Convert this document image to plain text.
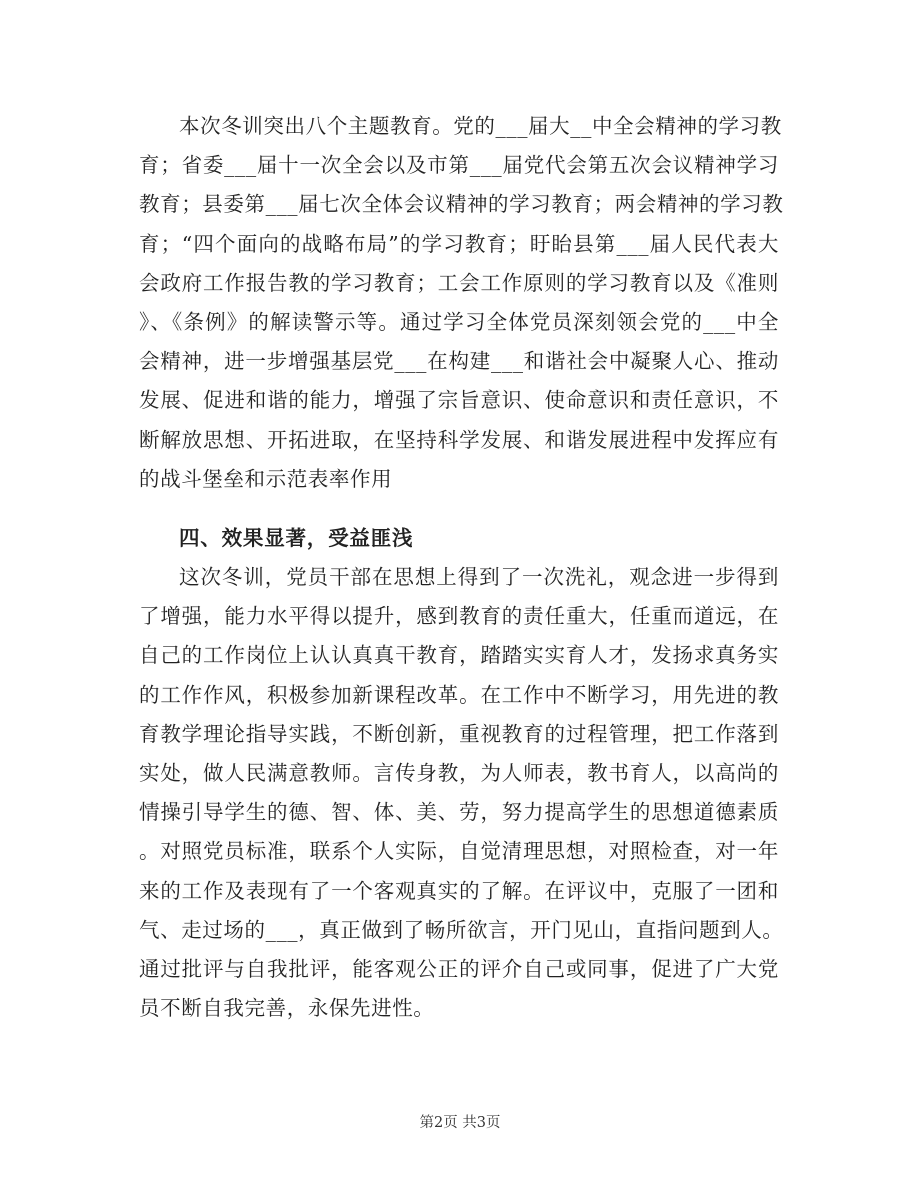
本次冬训突出八个主题教育。党的___届大__中全会精神的学习教
育；省委___届十一次全会以及市第___届党代会第五次会议精神学习
教育；县委第___届七次全体会议精神的学习教育；两会精神的学习教
育；“四个面向的战略布局”的学习教育；盱眙县第___届人民代表大
会政府工作报告教的学习教育；工会工作原则的学习教育以及《准则
》、《条例》的解读警示等。通过学习全体党员深刻领会党的___中全
会精神，进一步增强基层党___在构建___和谐社会中凝聚人心、推动
发展、促进和谐的能力，增强了宗旨意识、使命意识和责任意识，不
断解放思想、开拓进取，在坚持科学发展、和谐发展进程中发挥应有
的战斗堡垒和示范表率作用
四、效果显著，受益匪浅
这次冬训，党员干部在思想上得到了一次洗礼，观念进一步得到
了增强，能力水平得以提升，感到教育的责任重大，任重而道远，在
自己的工作岗位上认认真真干教育，踏踏实实育人才，发扬求真务实
的工作作风，积极参加新课程改革。在工作中不断学习，用先进的教
育教学理论指导实践，不断创新，重视教育的过程管理，把工作落到
实处，做人民满意教师。言传身教，为人师表，教书育人，以高尚的
情操引导学生的德、智、体、美、劳，努力提高学生的思想道德素质
。对照党员标准，联系个人实际，自觉清理思想，对照检查，对一年
来的工作及表现有了一个客观真实的了解。在评议中，克服了一团和
气、走过场的___，真正做到了畅所欲言，开门见山，直指问题到人。
通过批评与自我批评，能客观公正的评介自己或同事，促进了广大党
员不断自我完善，永保先进性。
第2页 共3页
